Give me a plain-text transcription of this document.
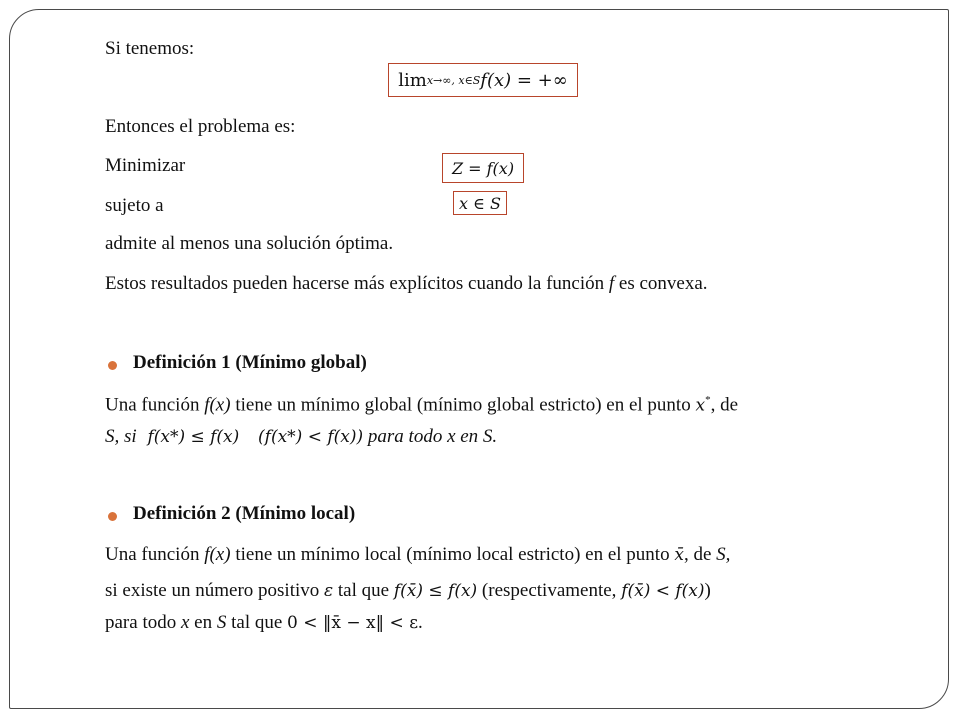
Si tenemos:
lim x→∞, x∈S f(x) = +∞
Entonces el problema es:
Minimizar	Z = f(x)
sujeto a	x ∈ S
admite al menos una solución óptima.
Estos resultados pueden hacerse más explícitos cuando la función f es convexa.
Definición 1 (Mínimo global)
Una función f(x) tiene un mínimo global (mínimo global estricto) en el punto x*, de
S, si f(x*) ≤ f(x) (f(x*) < f(x)) para todo x en S.
Definición 2 (Mínimo local)
Una función f(x) tiene un mínimo local (mínimo local estricto) en el punto x̄, de S,
si existe un número positivo ε tal que f(x̄) ≤ f(x) (respectivamente, f(x̄) < f(x))
para todo x en S tal que 0 < ‖x̄ − x‖ < ε.
